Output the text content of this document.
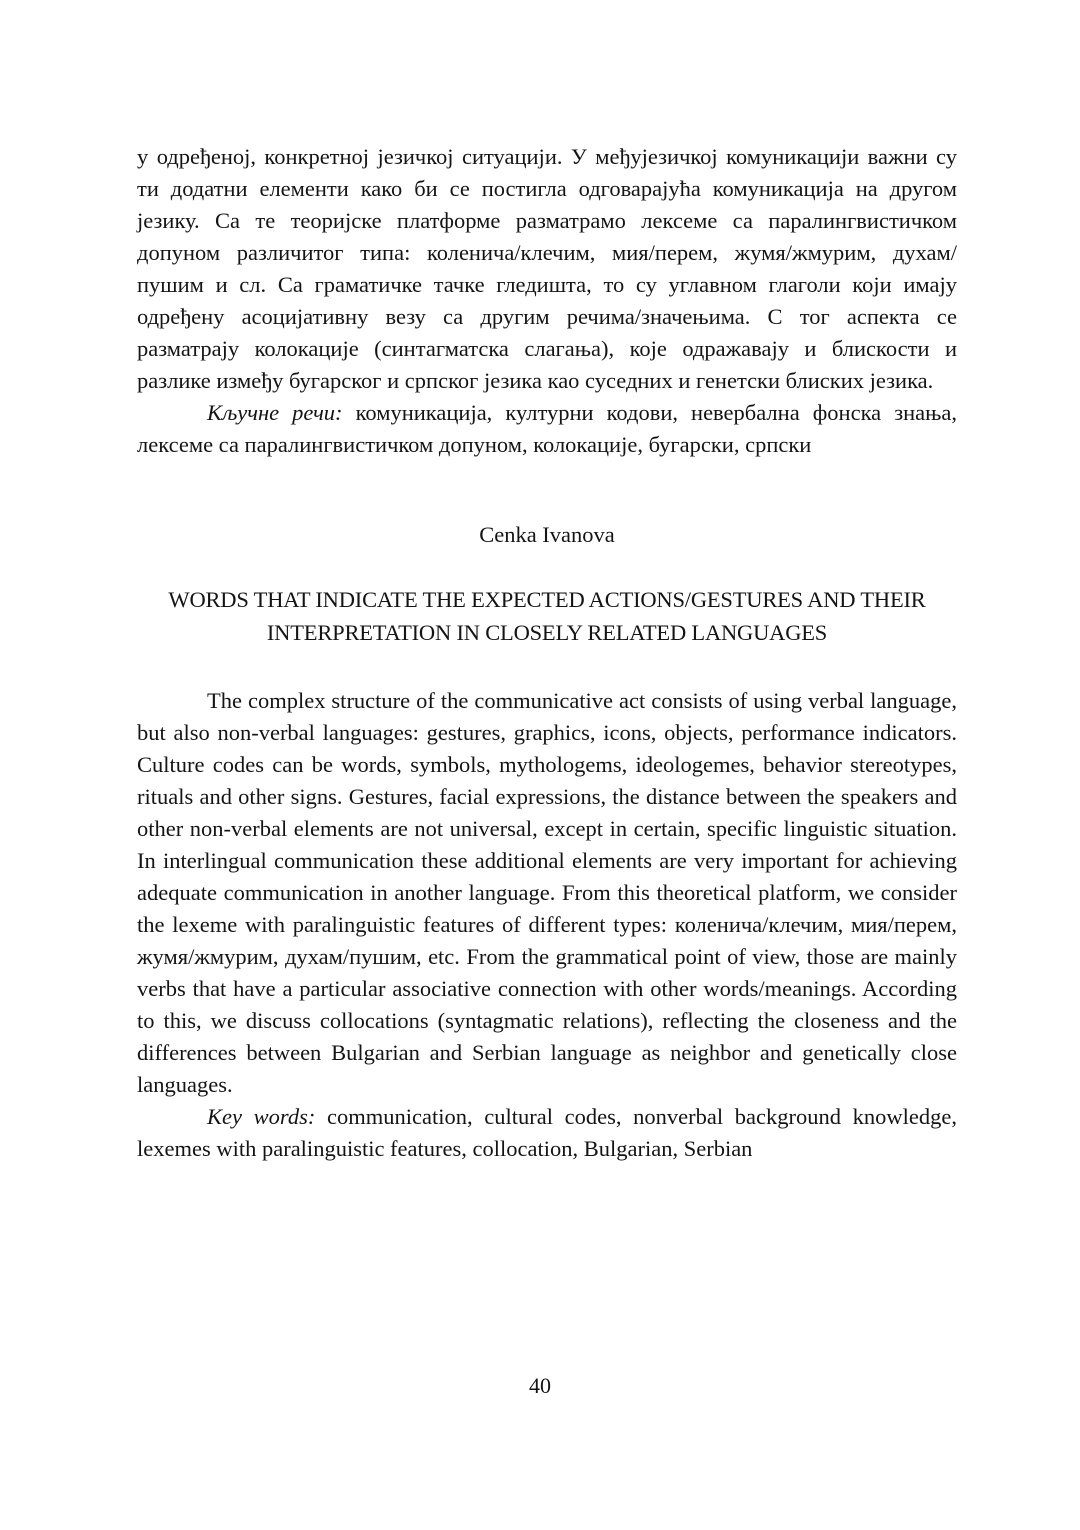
у одређеној, конкретној језичкој ситуацији. У међујезичкој комуникацији важни су ти додатни елементи како би се постигла одговарајућа комуникација на другом језику. Са те теоријске платформе разматрамо лексеме са паралингвистичком допуном различитог типа: коленича/клечим, мия/перем, жумя/жмурим, духам/пушим и сл. Са граматичке тачке гледишта, то су углавном глаголи који имају одређену асоцијативну везу са другим речима/значењима. С тог аспекта се разматрају колокације (синтагматска слагања), које одражавају и блискости и разлике између бугарског и српског језика као суседних и генетски блиских језика.

Кључне речи: комуникација, културни кодови, невербална фонска знања, лексеме са паралингвистичком допуном, колокације, бугарски, српски

Cenka Ivanova

WORDS THAT INDICATE THE EXPECTED ACTIONS/GESTURES AND THEIR INTERPRETATION IN CLOSELY RELATED LANGUAGES

The complex structure of the communicative act consists of using verbal language, but also non-verbal languages: gestures, graphics, icons, objects, performance indicators. Culture codes can be words, symbols, mythologems, ideologemes, behavior stereotypes, rituals and other signs. Gestures, facial expressions, the distance between the speakers and other non-verbal elements are not universal, except in certain, specific linguistic situation. In interlingual communication these additional elements are very important for achieving adequate communication in another language. From this theoretical platform, we consider the lexeme with paralinguistic features of different types: коленича/клечим, мия/перем, жумя/жмурим, духам/пушим, etc. From the grammatical point of view, those are mainly verbs that have a particular associative connection with other words/meanings. According to this, we discuss collocations (syntagmatic relations), reflecting the closeness and the differences between Bulgarian and Serbian language as neighbor and genetically close languages.

Key words: communication, cultural codes, nonverbal background knowledge, lexemes with paralinguistic features, collocation, Bulgarian, Serbian

40
